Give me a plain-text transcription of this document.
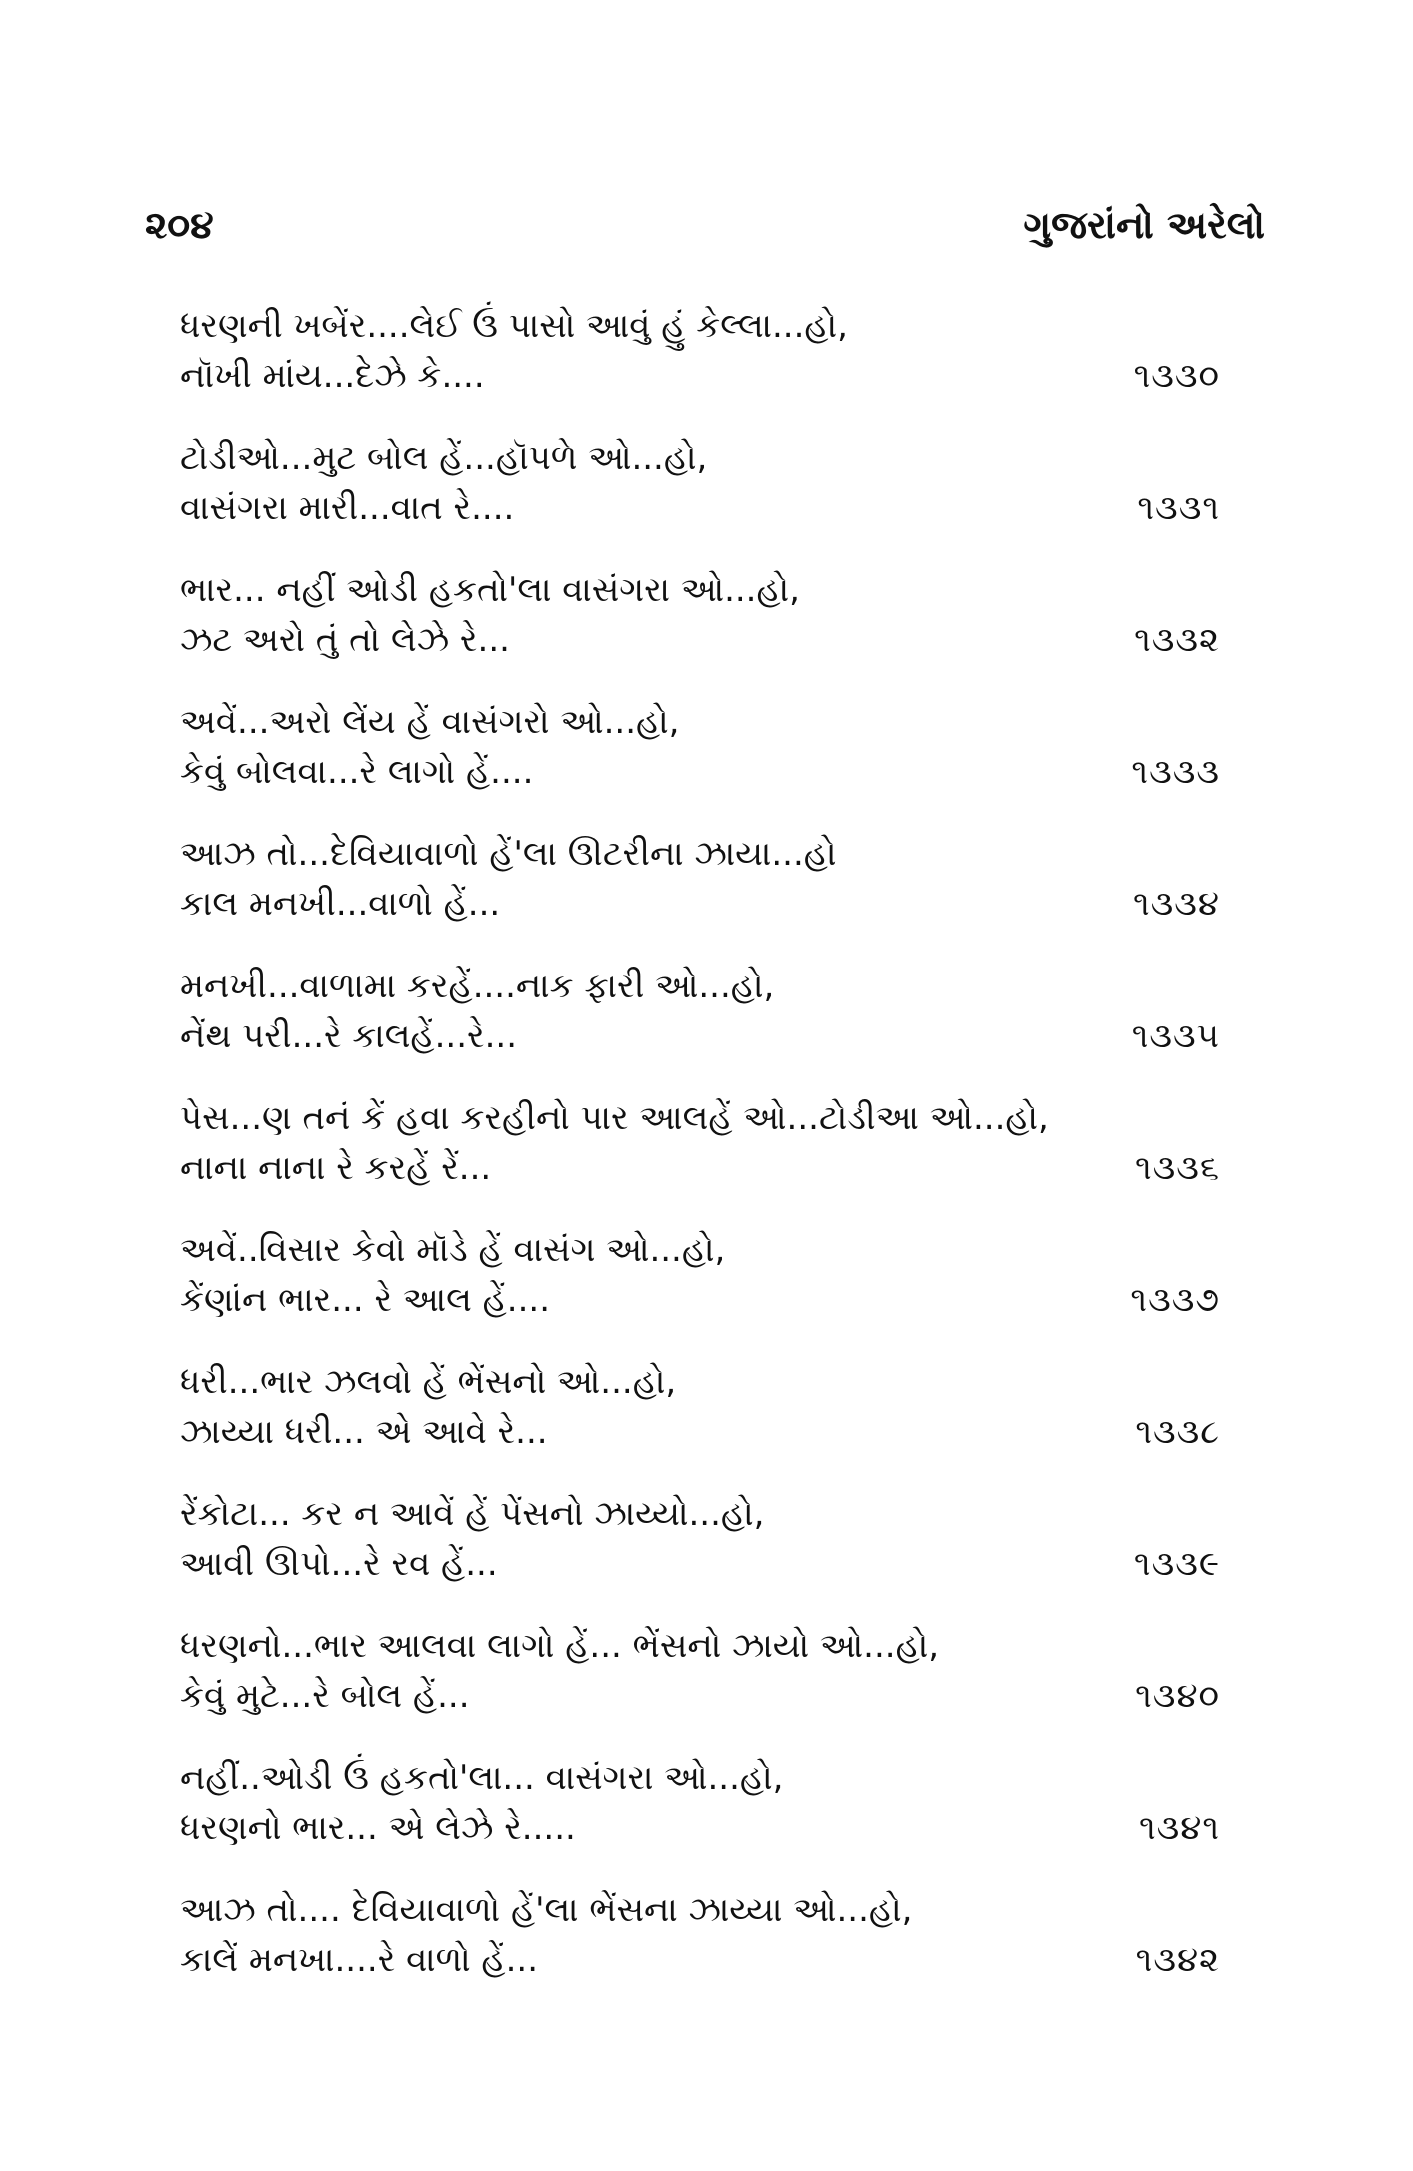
૨૦૪	ગુજરાંનો અરેલો
ધરણની ખબેંર....લેઈ ઉં પાસો આવું હું કેલ્લા...હો,
નૉખી માંય...દેઝે કે....	૧૩૩૦
ટોડીઓ...મુટ બોલ હેં...હૉપળે ઓ...હો,
વાસંગરા મારી...વાત રે....	૧૩૩૧
ભાર... નહીં ઓડી હકતો'લા વાસંગરા ઓ...હો,
ઝટ અરો તું તો લેઝે રે...	૧૩૩૨
અવેં...અરો લેંય હેં વાસંગરો ઓ...હો,
કેવું બોલવા...રે લાગો હેં....	૧૩૩૩
આઝ તો...દેવિયાવાળો હેં'લા ઊટરીના ઝાયા...હો
કાલ મનખી...વાળો હેં...	૧૩૩૪
મનખી...વાળામા કરહેં....નાક ફારી ઓ...હો,
નેંથ પરી...રે કાલહેં...રે...	૧૩૩૫
પેસ...ણ તનં કેં હવા કરહીનો પાર આલહેં ઓ...ટોડીઆ ઓ...હો,
નાના નાના રે કરહેં રેં...	૧૩૩૬
અવેં..વિસાર કેવો મૉડે હેં વાસંગ ઓ...હો,
કેંણાંન ભાર... રે આલ હેં....	૧૩૩૭
ધરી...ભાર ઝલવો હેં ભેંસનો ઓ...હો,
ઝાય્યા ધરી... એ આવે રે...	૧૩૩૮
રેંકોટા... કર ન આવેં હેં પેંસનો ઝાય્યો...હો,
આવી ઊપો...રે રવ હેં...	૧૩૩૯
ધરણનો...ભાર આલવા લાગો હેં... ભેંસનો ઝાયો ઓ...હો,
કેવું મુટે...રે બોલ હેં...	૧૩૪૦
નહીં..ઓડી ઉં હકતો'લા... વાસંગરા ઓ...હો,
ધરણનો ભાર... એ લેઝે રે.....	૧૩૪૧
આઝ તો.... દેવિયાવાળો હેં'લા ભેંસના ઝાય્યા ઓ...હો,
કાલેં મનખા....રે વાળો હેં...	૧૩૪૨
